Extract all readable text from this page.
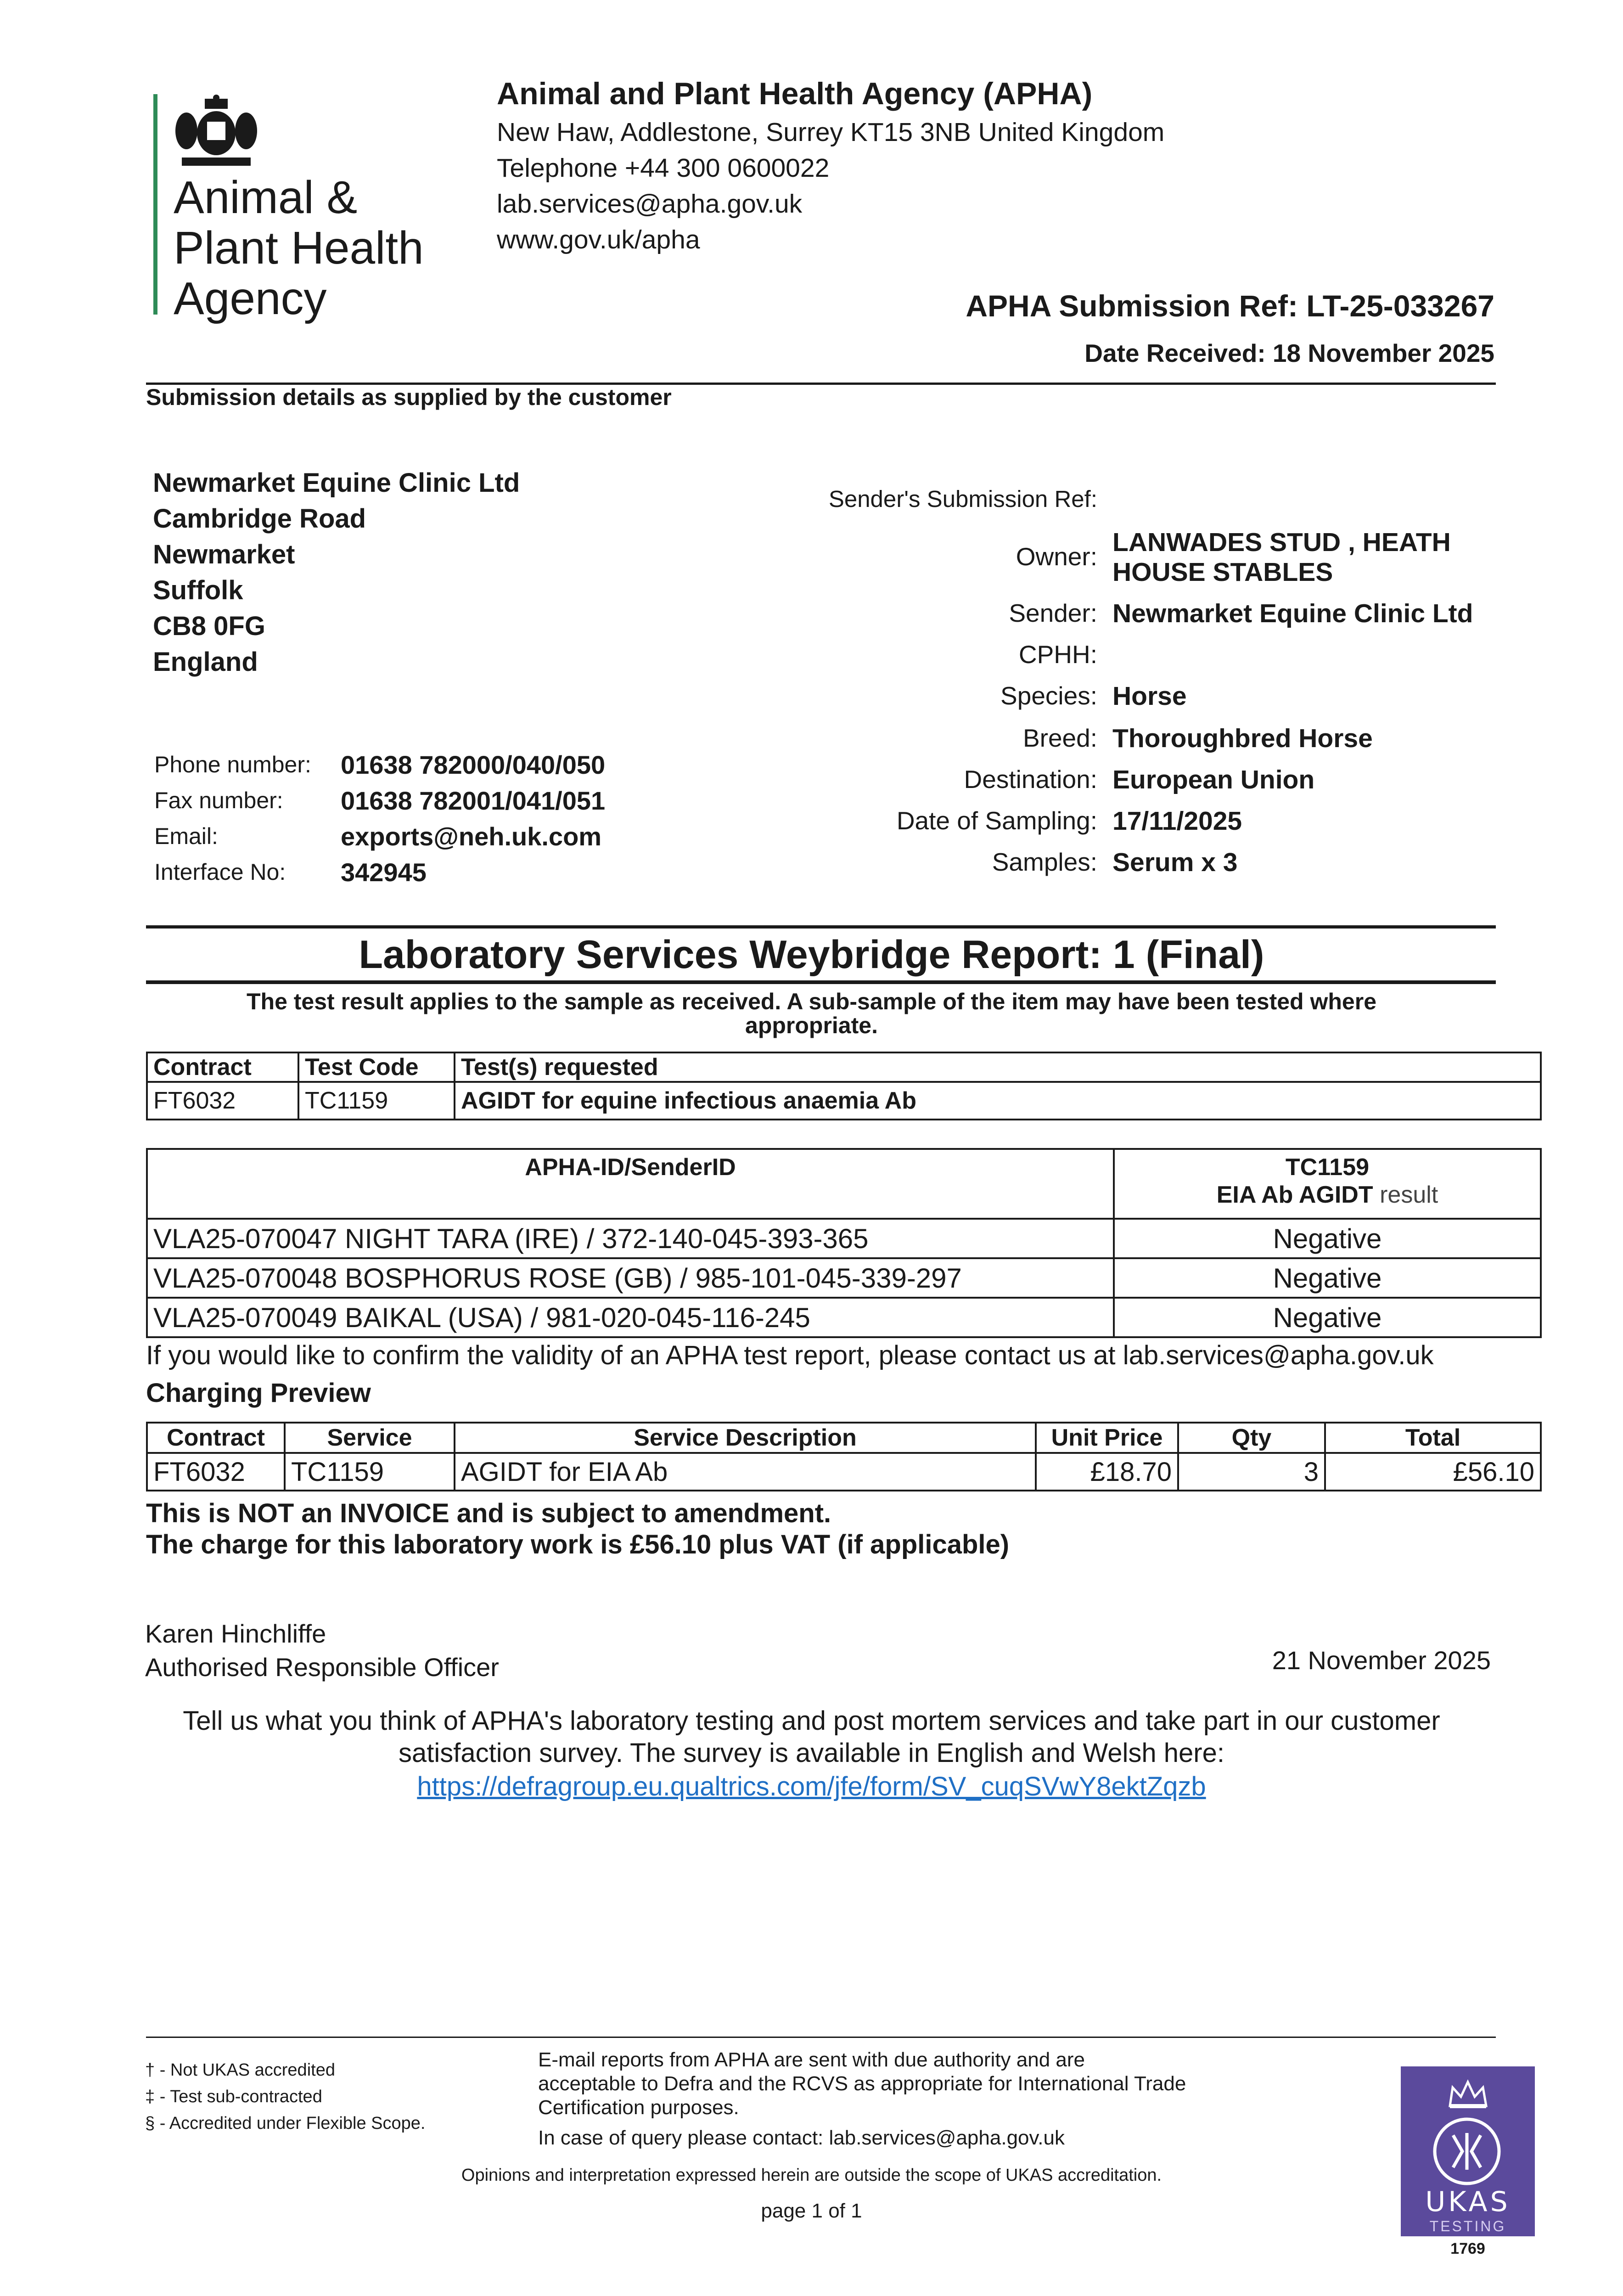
Animal &
Plant Health
Agency
Animal and Plant Health Agency (APHA)
New Haw, Addlestone, Surrey KT15 3NB United Kingdom
Telephone +44 300 0600022
lab.services@apha.gov.uk
www.gov.uk/apha
APHA Submission Ref: LT-25-033267
Date Received: 18 November 2025
Submission details as supplied by the customer
Newmarket Equine Clinic Ltd
Cambridge Road
Newmarket
Suffolk
CB8 0FG
England
Phone number: 01638 782000/040/050
Fax number: 01638 782001/041/051
Email:	exports@neh.uk.com
Interface No: 342945
Sender's Submission Ref:
Owner: LANWADES STUD , HEATH
HOUSE STABLES
Sender: Newmarket Equine Clinic Ltd
CPHH:
Species: Horse
Breed: Thoroughbred Horse
Destination: European Union
Date of Sampling: 17/11/2025
Samples: Serum x 3
Laboratory Services Weybridge Report: 1 (Final)
The test result applies to the sample as received. A sub-sample of the item may have been tested where
appropriate.
Contract	Test Code	Test(s) requested
FT6032	TC1159	AGIDT for equine infectious anaemia Ab
APHA-ID/SenderID	TC1159
EIA Ab AGIDT result

VLA25-070047 NIGHT TARA (IRE) / 372-140-045-393-365	Negative
VLA25-070048 BOSPHORUS ROSE (GB) / 985-101-045-339-297	Negative
VLA25-070049 BAIKAL (USA) / 981-020-045-116-245	Negative
If you would like to confirm the validity of an APHA test report, please contact us at lab.services@apha.gov.uk
Charging Preview
Contract	Service	Service Description	Unit Price	Qty	Total
FT6032	TC1159	AGIDT for EIA Ab	£18.70	3	£56.10
This is NOT an INVOICE and is subject to amendment.
The charge for this laboratory work is £56.10 plus VAT (if applicable)
Karen Hinchliffe
Authorised Responsible Officer	21 November 2025
Tell us what you think of APHA's laboratory testing and post mortem services and take part in our customer
satisfaction survey. The survey is available in English and Welsh here:
https://defragroup.eu.qualtrics.com/jfe/form/SV_cuqSVwY8ektZqzb
† - Not UKAS accredited
‡ - Test sub-contracted
§ - Accredited under Flexible Scope.
E-mail reports from APHA are sent with due authority and are
acceptable to Defra and the RCVS as appropriate for International Trade
Certification purposes.
In case of query please contact: lab.services@apha.gov.uk
Opinions and interpretation expressed herein are outside the scope of UKAS accreditation.
page 1 of 1	UKAS
TESTING
1769
